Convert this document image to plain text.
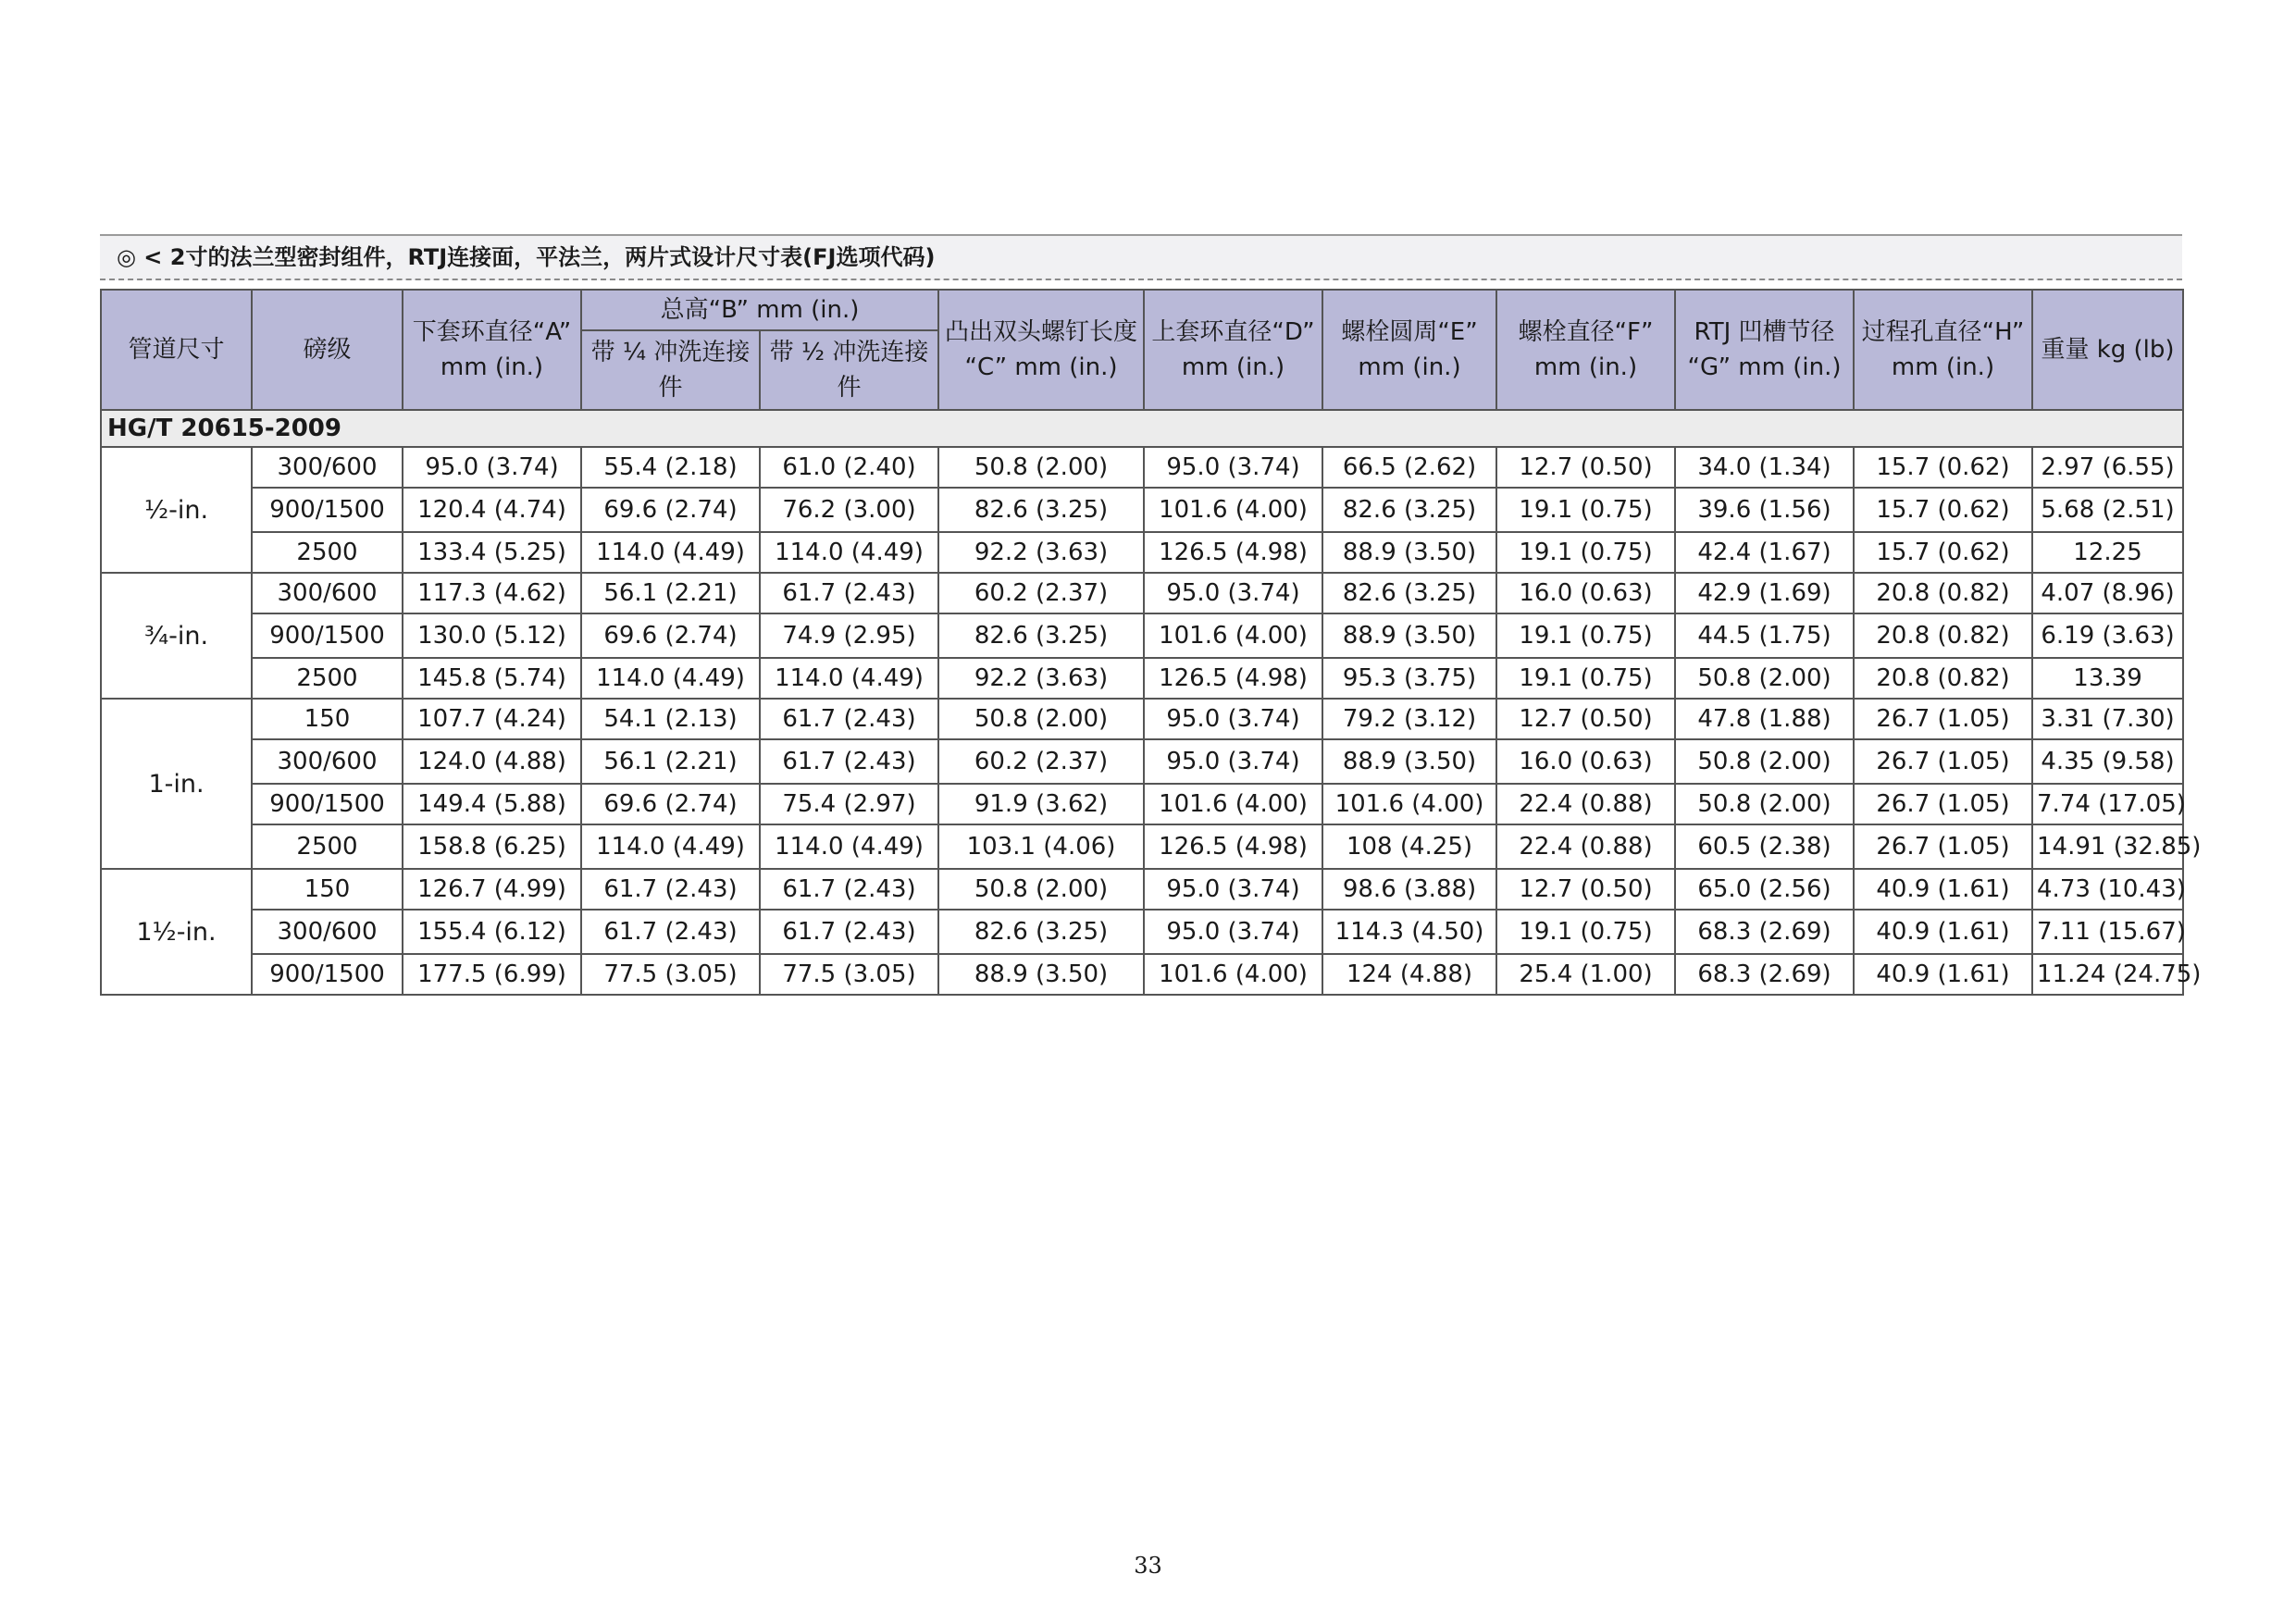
◎ < 2寸的法兰型密封组件，RTJ连接面，平法兰，两片式设计尺寸表(FJ选项代码)
管道尺寸	磅级	下套环直径“A” mm (in.)	总高“B” mm (in.)		凸出双头螺钉长度 “C” mm (in.)	上套环直径“D” mm (in.)	螺栓圆周“E” mm (in.)	螺栓直径“F” mm (in.)	RTJ 凹槽节径 “G” mm (in.)	过程孔直径“H” mm (in.)	重量 kg (lb)
			带 ¼ 冲洗连接件	带 ½ 冲洗连接件							
HG/T 20615-2009											
½-in.	300/600	95.0 (3.74)	55.4 (2.18)	61.0 (2.40)	50.8 (2.00)	95.0 (3.74)	66.5 (2.62)	12.7 (0.50)	34.0 (1.34)	15.7 (0.62)	2.97 (6.55)
	900/1500	120.4 (4.74)	69.6 (2.74)	76.2 (3.00)	82.6 (3.25)	101.6 (4.00)	82.6 (3.25)	19.1 (0.75)	39.6 (1.56)	15.7 (0.62)	5.68 (2.51)
	2500	133.4 (5.25)	114.0 (4.49)	114.0 (4.49)	92.2 (3.63)	126.5 (4.98)	88.9 (3.50)	19.1 (0.75)	42.4 (1.67)	15.7 (0.62)	12.25
¾-in.	300/600	117.3 (4.62)	56.1 (2.21)	61.7 (2.43)	60.2 (2.37)	95.0 (3.74)	82.6 (3.25)	16.0 (0.63)	42.9 (1.69)	20.8 (0.82)	4.07 (8.96)
	900/1500	130.0 (5.12)	69.6 (2.74)	74.9 (2.95)	82.6 (3.25)	101.6 (4.00)	88.9 (3.50)	19.1 (0.75)	44.5 (1.75)	20.8 (0.82)	6.19 (3.63)
	2500	145.8 (5.74)	114.0 (4.49)	114.0 (4.49)	92.2 (3.63)	126.5 (4.98)	95.3 (3.75)	19.1 (0.75)	50.8 (2.00)	20.8 (0.82)	13.39
1-in.	150	107.7 (4.24)	54.1 (2.13)	61.7 (2.43)	50.8 (2.00)	95.0 (3.74)	79.2 (3.12)	12.7 (0.50)	47.8 (1.88)	26.7 (1.05)	3.31 (7.30)
	300/600	124.0 (4.88)	56.1 (2.21)	61.7 (2.43)	60.2 (2.37)	95.0 (3.74)	88.9 (3.50)	16.0 (0.63)	50.8 (2.00)	26.7 (1.05)	4.35 (9.58)
	900/1500	149.4 (5.88)	69.6 (2.74)	75.4 (2.97)	91.9 (3.62)	101.6 (4.00)	101.6 (4.00)	22.4 (0.88)	50.8 (2.00)	26.7 (1.05)	7.74 (17.05)
	2500	158.8 (6.25)	114.0 (4.49)	114.0 (4.49)	103.1 (4.06)	126.5 (4.98)	108 (4.25)	22.4 (0.88)	60.5 (2.38)	26.7 (1.05)	14.91 (32.85)
1½-in.	150	126.7 (4.99)	61.7 (2.43)	61.7 (2.43)	50.8 (2.00)	95.0 (3.74)	98.6 (3.88)	12.7 (0.50)	65.0 (2.56)	40.9 (1.61)	4.73 (10.43)
	300/600	155.4 (6.12)	61.7 (2.43)	61.7 (2.43)	82.6 (3.25)	95.0 (3.74)	114.3 (4.50)	19.1 (0.75)	68.3 (2.69)	40.9 (1.61)	7.11 (15.67)
	900/1500	177.5 (6.99)	77.5 (3.05)	77.5 (3.05)	88.9 (3.50)	101.6 (4.00)	124 (4.88)	25.4 (1.00)	68.3 (2.69)	40.9 (1.61)	11.24 (24.75)
33
